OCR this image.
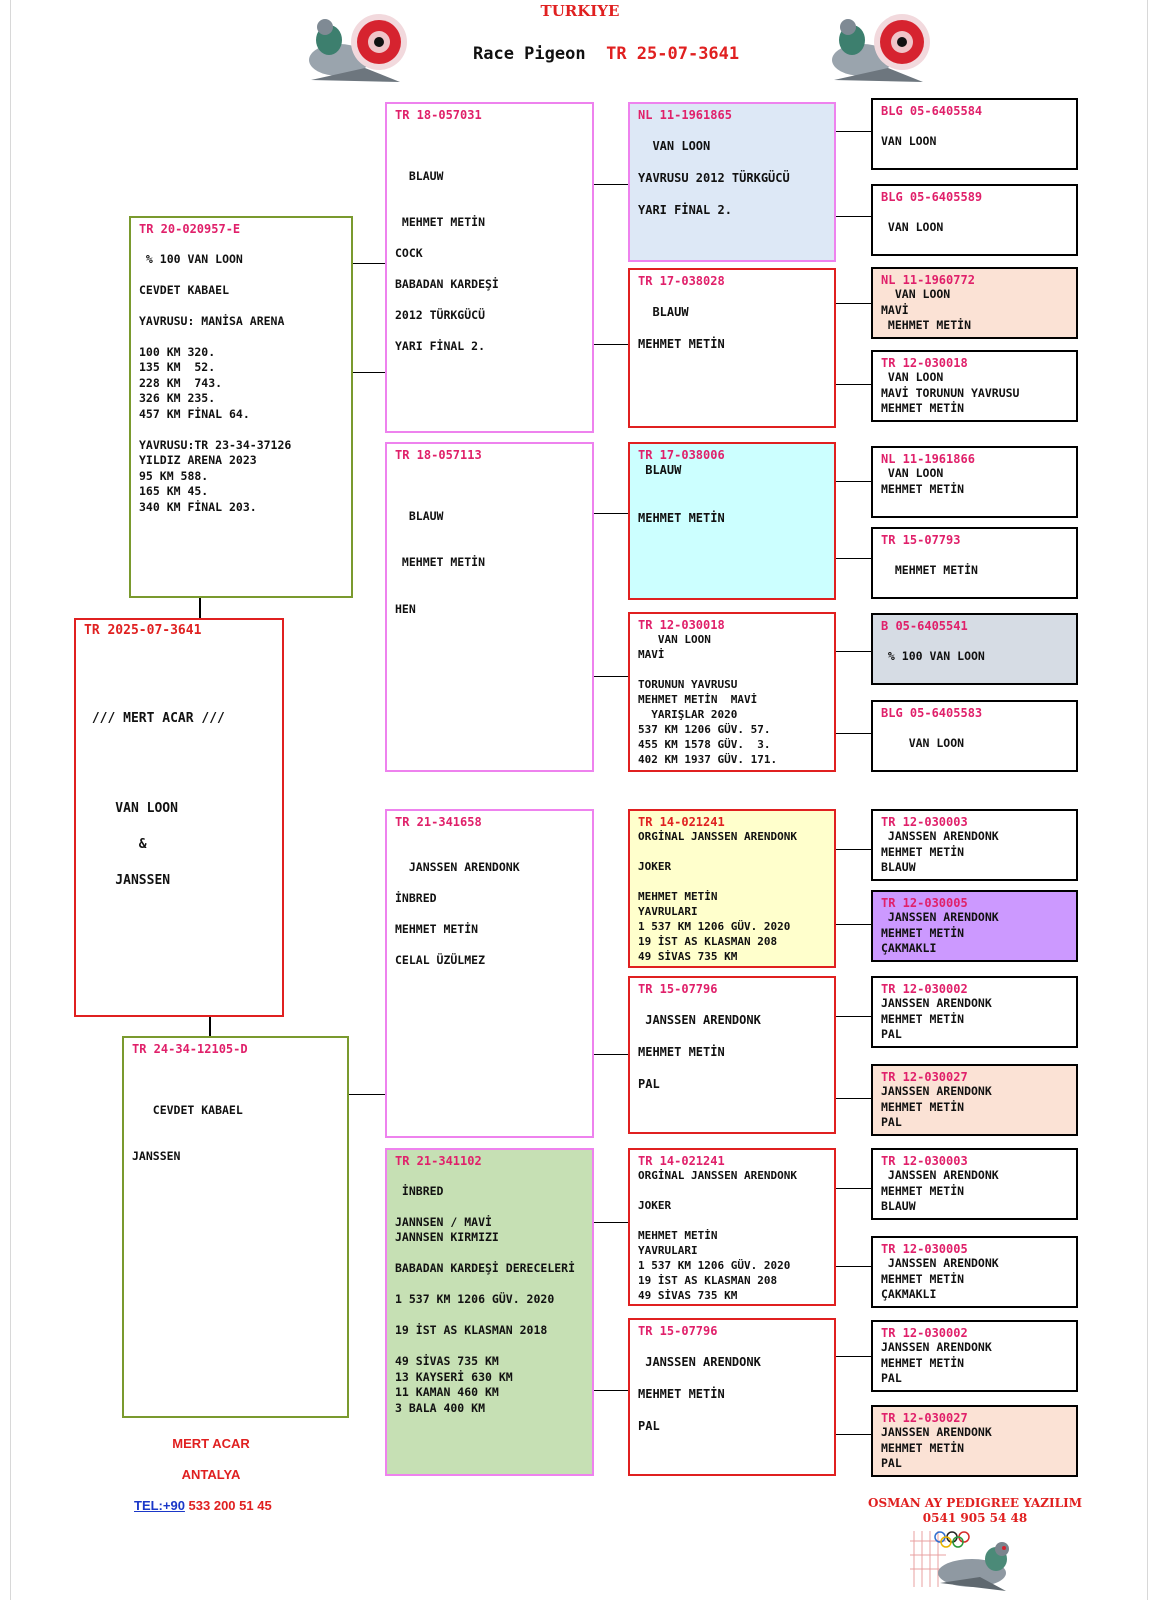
TURKIYE
Race Pigeon TR 25-07-3641
TR 2025-07-3641

/// MERT ACAR ///

VAN LOON

&

JANSSEN
TR 20-020957-E

% 100 VAN LOON

CEVDET KABAEL

YAVRUSU: MANİSA ARENA

100 KM 320.
135 KM  52.
228 KM  743.
326 KM 235.
457 KM FİNAL 64.

YAVRUSU:TR 23-34-37126
YILDIZ ARENA 2023
95 KM 588.
165 KM 45.
340 KM FİNAL 203.
TR 24-34-12105-D

CEVDET KABAEL

JANSSEN
TR 18-057031

BLAUW

MEHMET METİN

COCK

BABADAN KARDEŞİ

2012 TÜRKGÜCÜ

YARI FİNAL 2.
TR 18-057113

BLAUW

MEHMET METİN

HEN
TR 21-341658

JANSSEN ARENDONK

İNBRED

MEHMET METİN

CELAL ÜZÜLMEZ
TR 21-341102

İNBRED

JANNSEN / MAVİ
JANNSEN KIRMIZI

BABADAN KARDEŞİ DERECELERİ

1 537 KM 1206 GÜV. 2020

19 İST AS KLASMAN 2018

49 SİVAS 735 KM
13 KAYSERİ 630 KM
11 KAMAN 460 KM
3 BALA 400 KM
NL 11-1961865

VAN LOON

YAVRUSU 2012 TÜRKGÜCÜ

YARI FİNAL 2.
TR 17-038028

BLAUW

MEHMET METİN
TR 17-038006
BLAUW

MEHMET METİN
TR 12-030018
VAN LOON
MAVİ

TORUNUN YAVRUSU
MEHMET METİN  MAVİ
YARIŞLAR 2020
537 KM 1206 GÜV. 57.
455 KM 1578 GÜV.  3.
402 KM 1937 GÜV. 171.
TR 14-021241
ORGİNAL JANSSEN ARENDONK

JOKER

MEHMET METİN
YAVRULARI
1 537 KM 1206 GÜV. 2020
19 İST AS KLASMAN 208
49 SİVAS 735 KM
TR 15-07796

JANSSEN ARENDONK

MEHMET METİN

PAL
TR 14-021241
ORGİNAL JANSSEN ARENDONK

JOKER

MEHMET METİN
YAVRULARI
1 537 KM 1206 GÜV. 2020
19 İST AS KLASMAN 208
49 SİVAS 735 KM
TR 15-07796

JANSSEN ARENDONK

MEHMET METİN

PAL
BLG 05-6405584

VAN LOON
BLG 05-6405589

VAN LOON
NL 11-1960772
VAN LOON
MAVİ
MEHMET METİN
TR 12-030018
VAN LOON
MAVİ TORUNUN YAVRUSU
MEHMET METİN
NL 11-1961866
VAN LOON
MEHMET METİN
TR 15-07793

MEHMET METİN
B 05-6405541

% 100 VAN LOON
BLG 05-6405583

VAN LOON
TR 12-030003
JANSSEN ARENDONK
MEHMET METİN
BLAUW
TR 12-030005
JANSSEN ARENDONK
MEHMET METİN
ÇAKMAKLI
TR 12-030002
JANSSEN ARENDONK
MEHMET METİN
PAL
TR 12-030027
JANSSEN ARENDONK
MEHMET METİN
PAL
TR 12-030003
JANSSEN ARENDONK
MEHMET METİN
BLAUW
TR 12-030005
JANSSEN ARENDONK
MEHMET METİN
ÇAKMAKLI
TR 12-030002
JANSSEN ARENDONK
MEHMET METİN
PAL
TR 12-030027
JANSSEN ARENDONK
MEHMET METİN
PAL
MERT ACAR
ANTALYA
TEL:+90 533 200 51 45	OSMAN AY PEDIGREE YAZILIM
0541 905 54 48
